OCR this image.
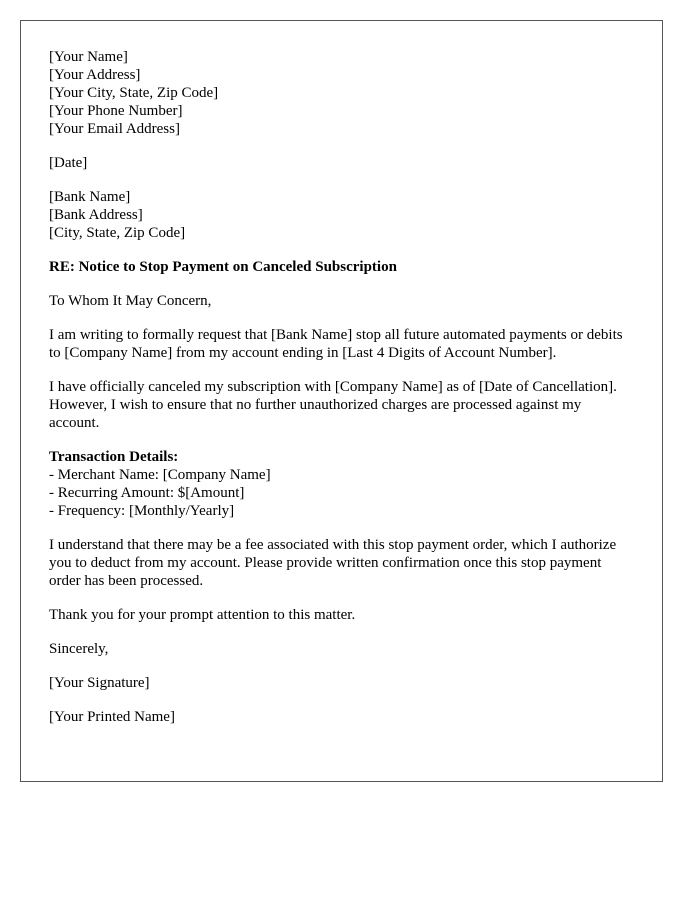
[Your Name]
[Your Address]
[Your City, State, Zip Code]
[Your Phone Number]
[Your Email Address]
[Date]
[Bank Name]
[Bank Address]
[City, State, Zip Code]
RE: Notice to Stop Payment on Canceled Subscription
To Whom It May Concern,
I am writing to formally request that [Bank Name] stop all future automated payments or debits to [Company Name] from my account ending in [Last 4 Digits of Account Number].
I have officially canceled my subscription with [Company Name] as of [Date of Cancellation]. However, I wish to ensure that no further unauthorized charges are processed against my account.
Transaction Details:
- Merchant Name: [Company Name]
- Recurring Amount: $[Amount]
- Frequency: [Monthly/Yearly]
I understand that there may be a fee associated with this stop payment order, which I authorize you to deduct from my account. Please provide written confirmation once this stop payment order has been processed.
Thank you for your prompt attention to this matter.
Sincerely,
[Your Signature]
[Your Printed Name]
